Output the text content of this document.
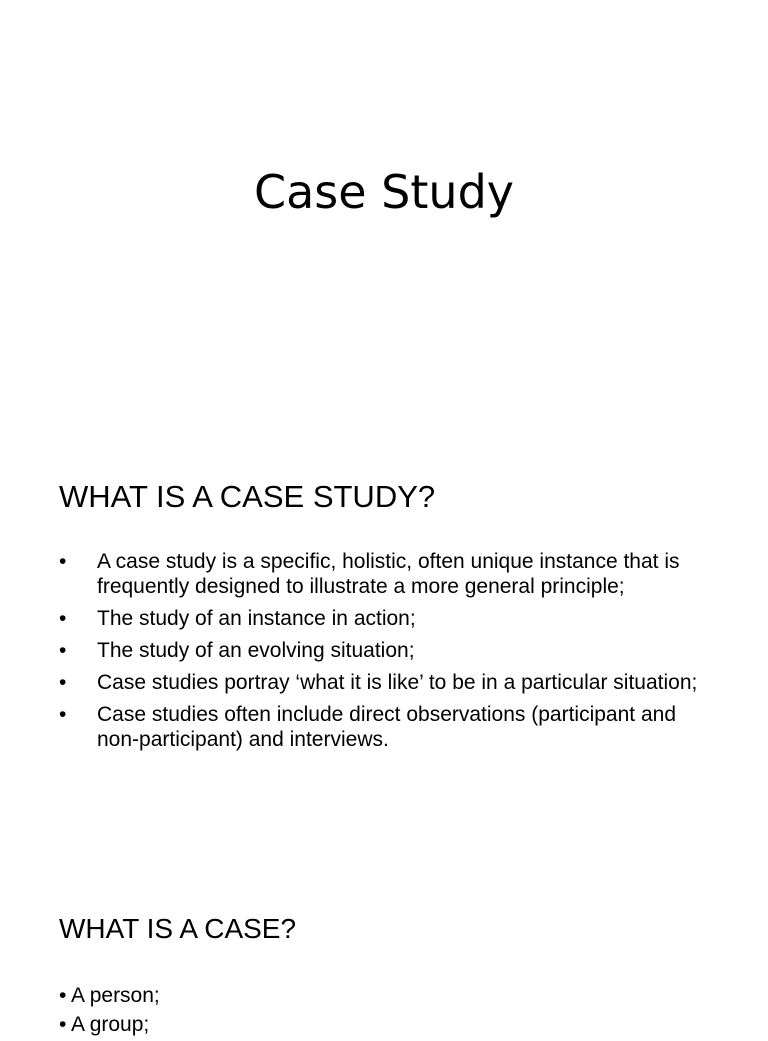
Case Study
WHAT IS A CASE STUDY?
• A case study is a specific, holistic, often unique instance that is frequently designed to illustrate a more general principle;
• The study of an instance in action;
• The study of an evolving situation;
• Case studies portray ‘what it is like’ to be in a particular situation;
• Case studies often include direct observations (participant and non-participant) and interviews.
WHAT IS A CASE?
• A person;
• A group;
